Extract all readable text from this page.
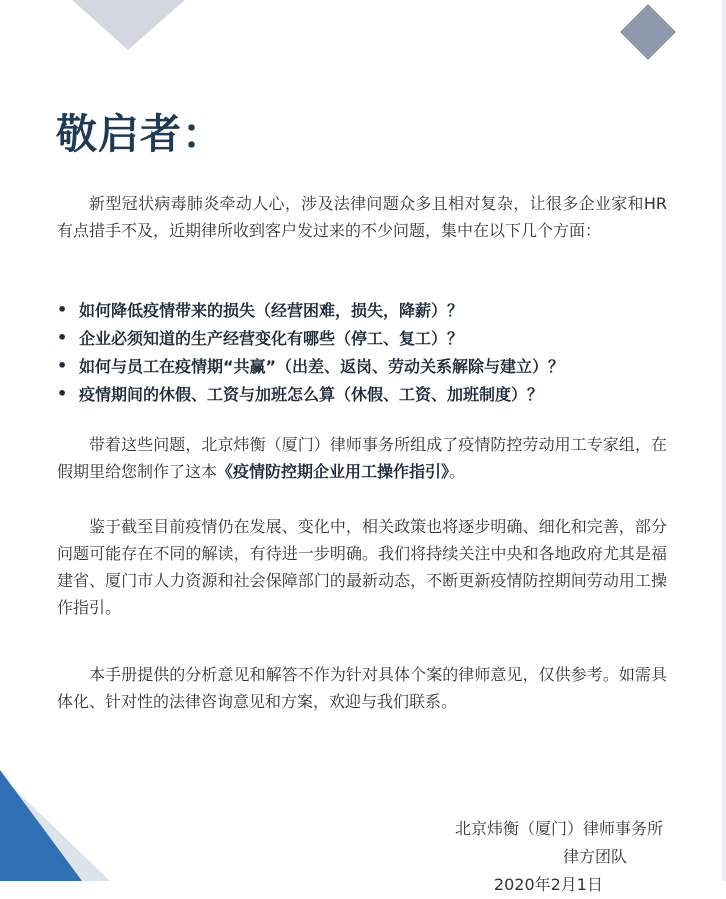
敬启者：

新型冠状病毒肺炎牵动人心，涉及法律问题众多且相对复杂，让很多企业家和HR有点措手不及，近期律所收到客户发过来的不少问题，集中在以下几个方面：

• 如何降低疫情带来的损失（经营困难，损失，降薪）？
• 企业必须知道的生产经营变化有哪些（停工、复工）？
• 如何与员工在疫情期“共赢”（出差、返岗、劳动关系解除与建立）？
• 疫情期间的休假、工资与加班怎么算（休假、工资、加班制度）？

带着这些问题，北京炜衡（厦门）律师事务所组成了疫情防控劳动用工专家组，在假期里给您制作了这本《疫情防控期企业用工操作指引》。

鉴于截至目前疫情仍在发展、变化中，相关政策也将逐步明确、细化和完善，部分问题可能存在不同的解读，有待进一步明确。我们将持续关注中央和各地政府尤其是福建省、厦门市人力资源和社会保障部门的最新动态，不断更新疫情防控期间劳动用工操作指引。

本手册提供的分析意见和解答不作为针对具体个案的律师意见，仅供参考。如需具体化、针对性的法律咨询意见和方案，欢迎与我们联系。

北京炜衡（厦门）律师事务所
律方团队
2020年2月1日
